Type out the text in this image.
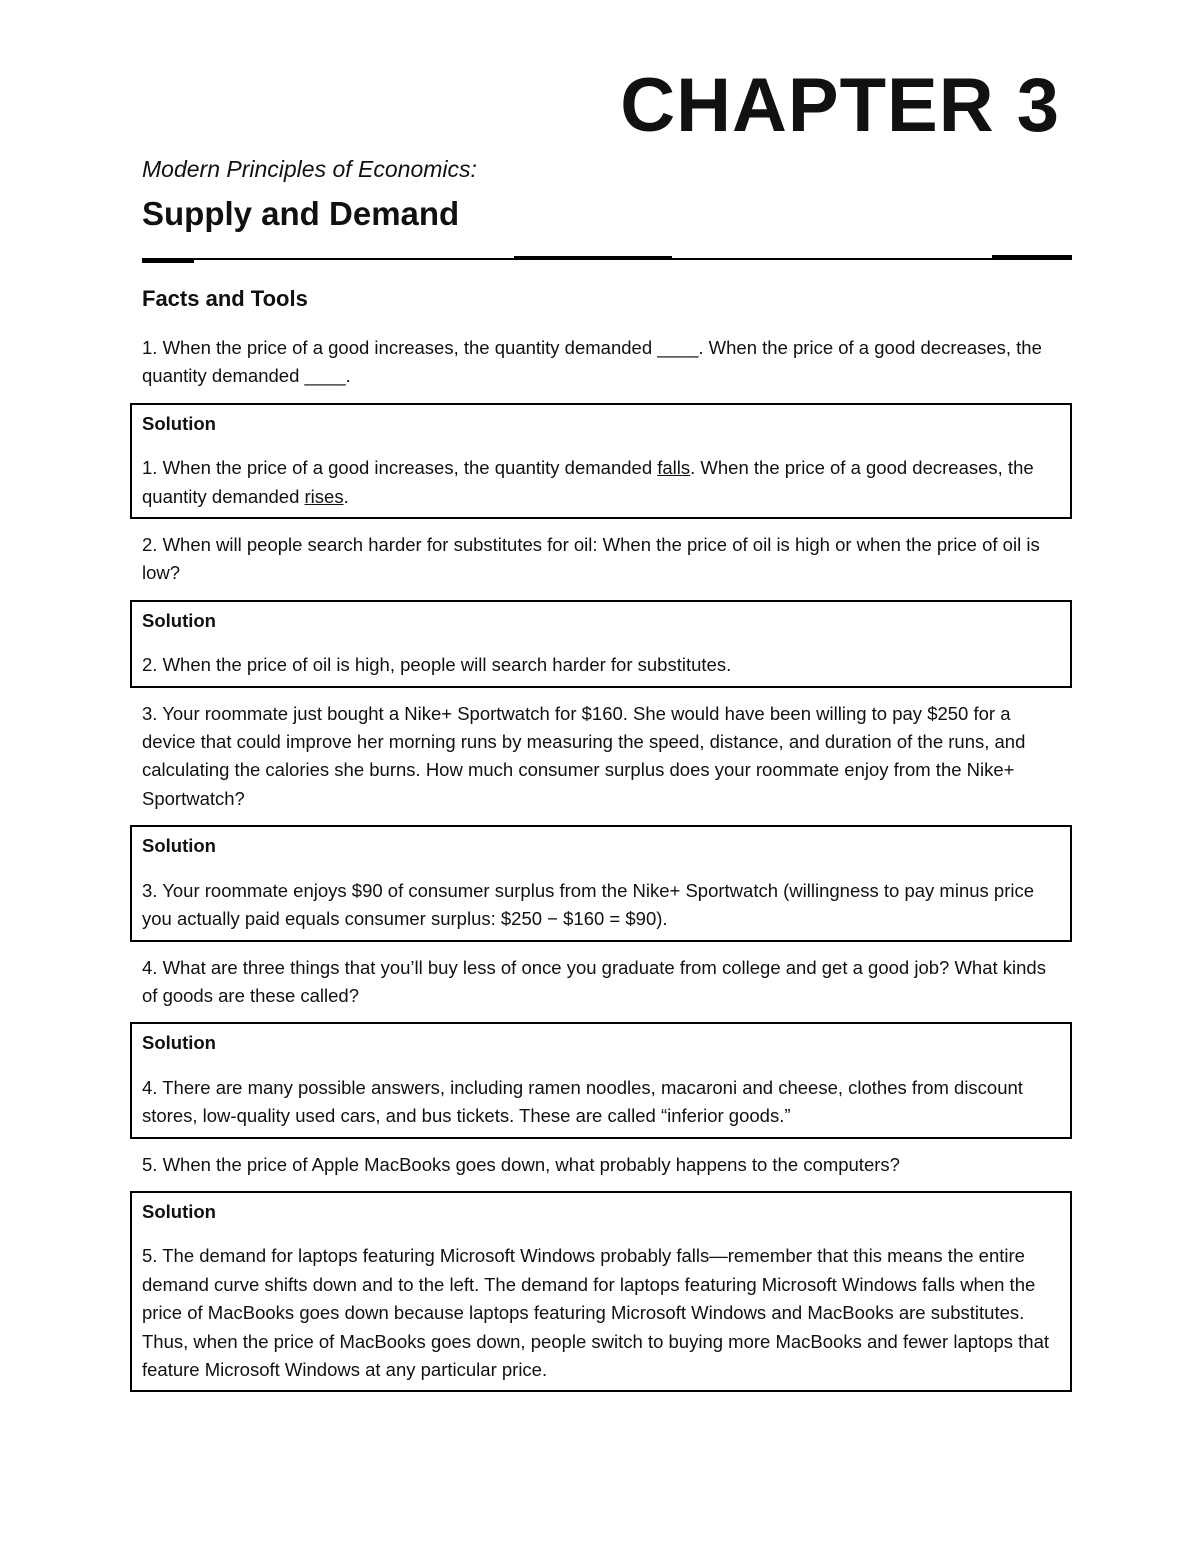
CHAPTER 3
Modern Principles of Economics:
Supply and Demand
Facts and Tools
1. When the price of a good increases, the quantity demanded ____. When the price of a good decreases, the quantity demanded ____.
Solution
1. When the price of a good increases, the quantity demanded falls. When the price of a good decreases, the quantity demanded rises.
2. When will people search harder for substitutes for oil: When the price of oil is high or when the price of oil is low?
Solution
2. When the price of oil is high, people will search harder for substitutes.
3. Your roommate just bought a Nike+ Sportwatch for $160. She would have been willing to pay $250 for a device that could improve her morning runs by measuring the speed, distance, and duration of the runs, and calculating the calories she burns. How much consumer surplus does your roommate enjoy from the Nike+ Sportwatch?
Solution
3. Your roommate enjoys $90 of consumer surplus from the Nike+ Sportwatch (willingness to pay minus price you actually paid equals consumer surplus: $250 − $160 = $90).
4. What are three things that you’ll buy less of once you graduate from college and get a good job? What kinds of goods are these called?
Solution
4. There are many possible answers, including ramen noodles, macaroni and cheese, clothes from discount stores, low-quality used cars, and bus tickets. These are called “inferior goods.”
5. When the price of Apple MacBooks goes down, what probably happens to the computers?
Solution
5. The demand for laptops featuring Microsoft Windows probably falls—remember that this means the entire demand curve shifts down and to the left. The demand for laptops featuring Microsoft Windows falls when the price of MacBooks goes down because laptops featuring Microsoft Windows and MacBooks are substitutes. Thus, when the price of MacBooks goes down, people switch to buying more MacBooks and fewer laptops that feature Microsoft Windows at any particular price.
